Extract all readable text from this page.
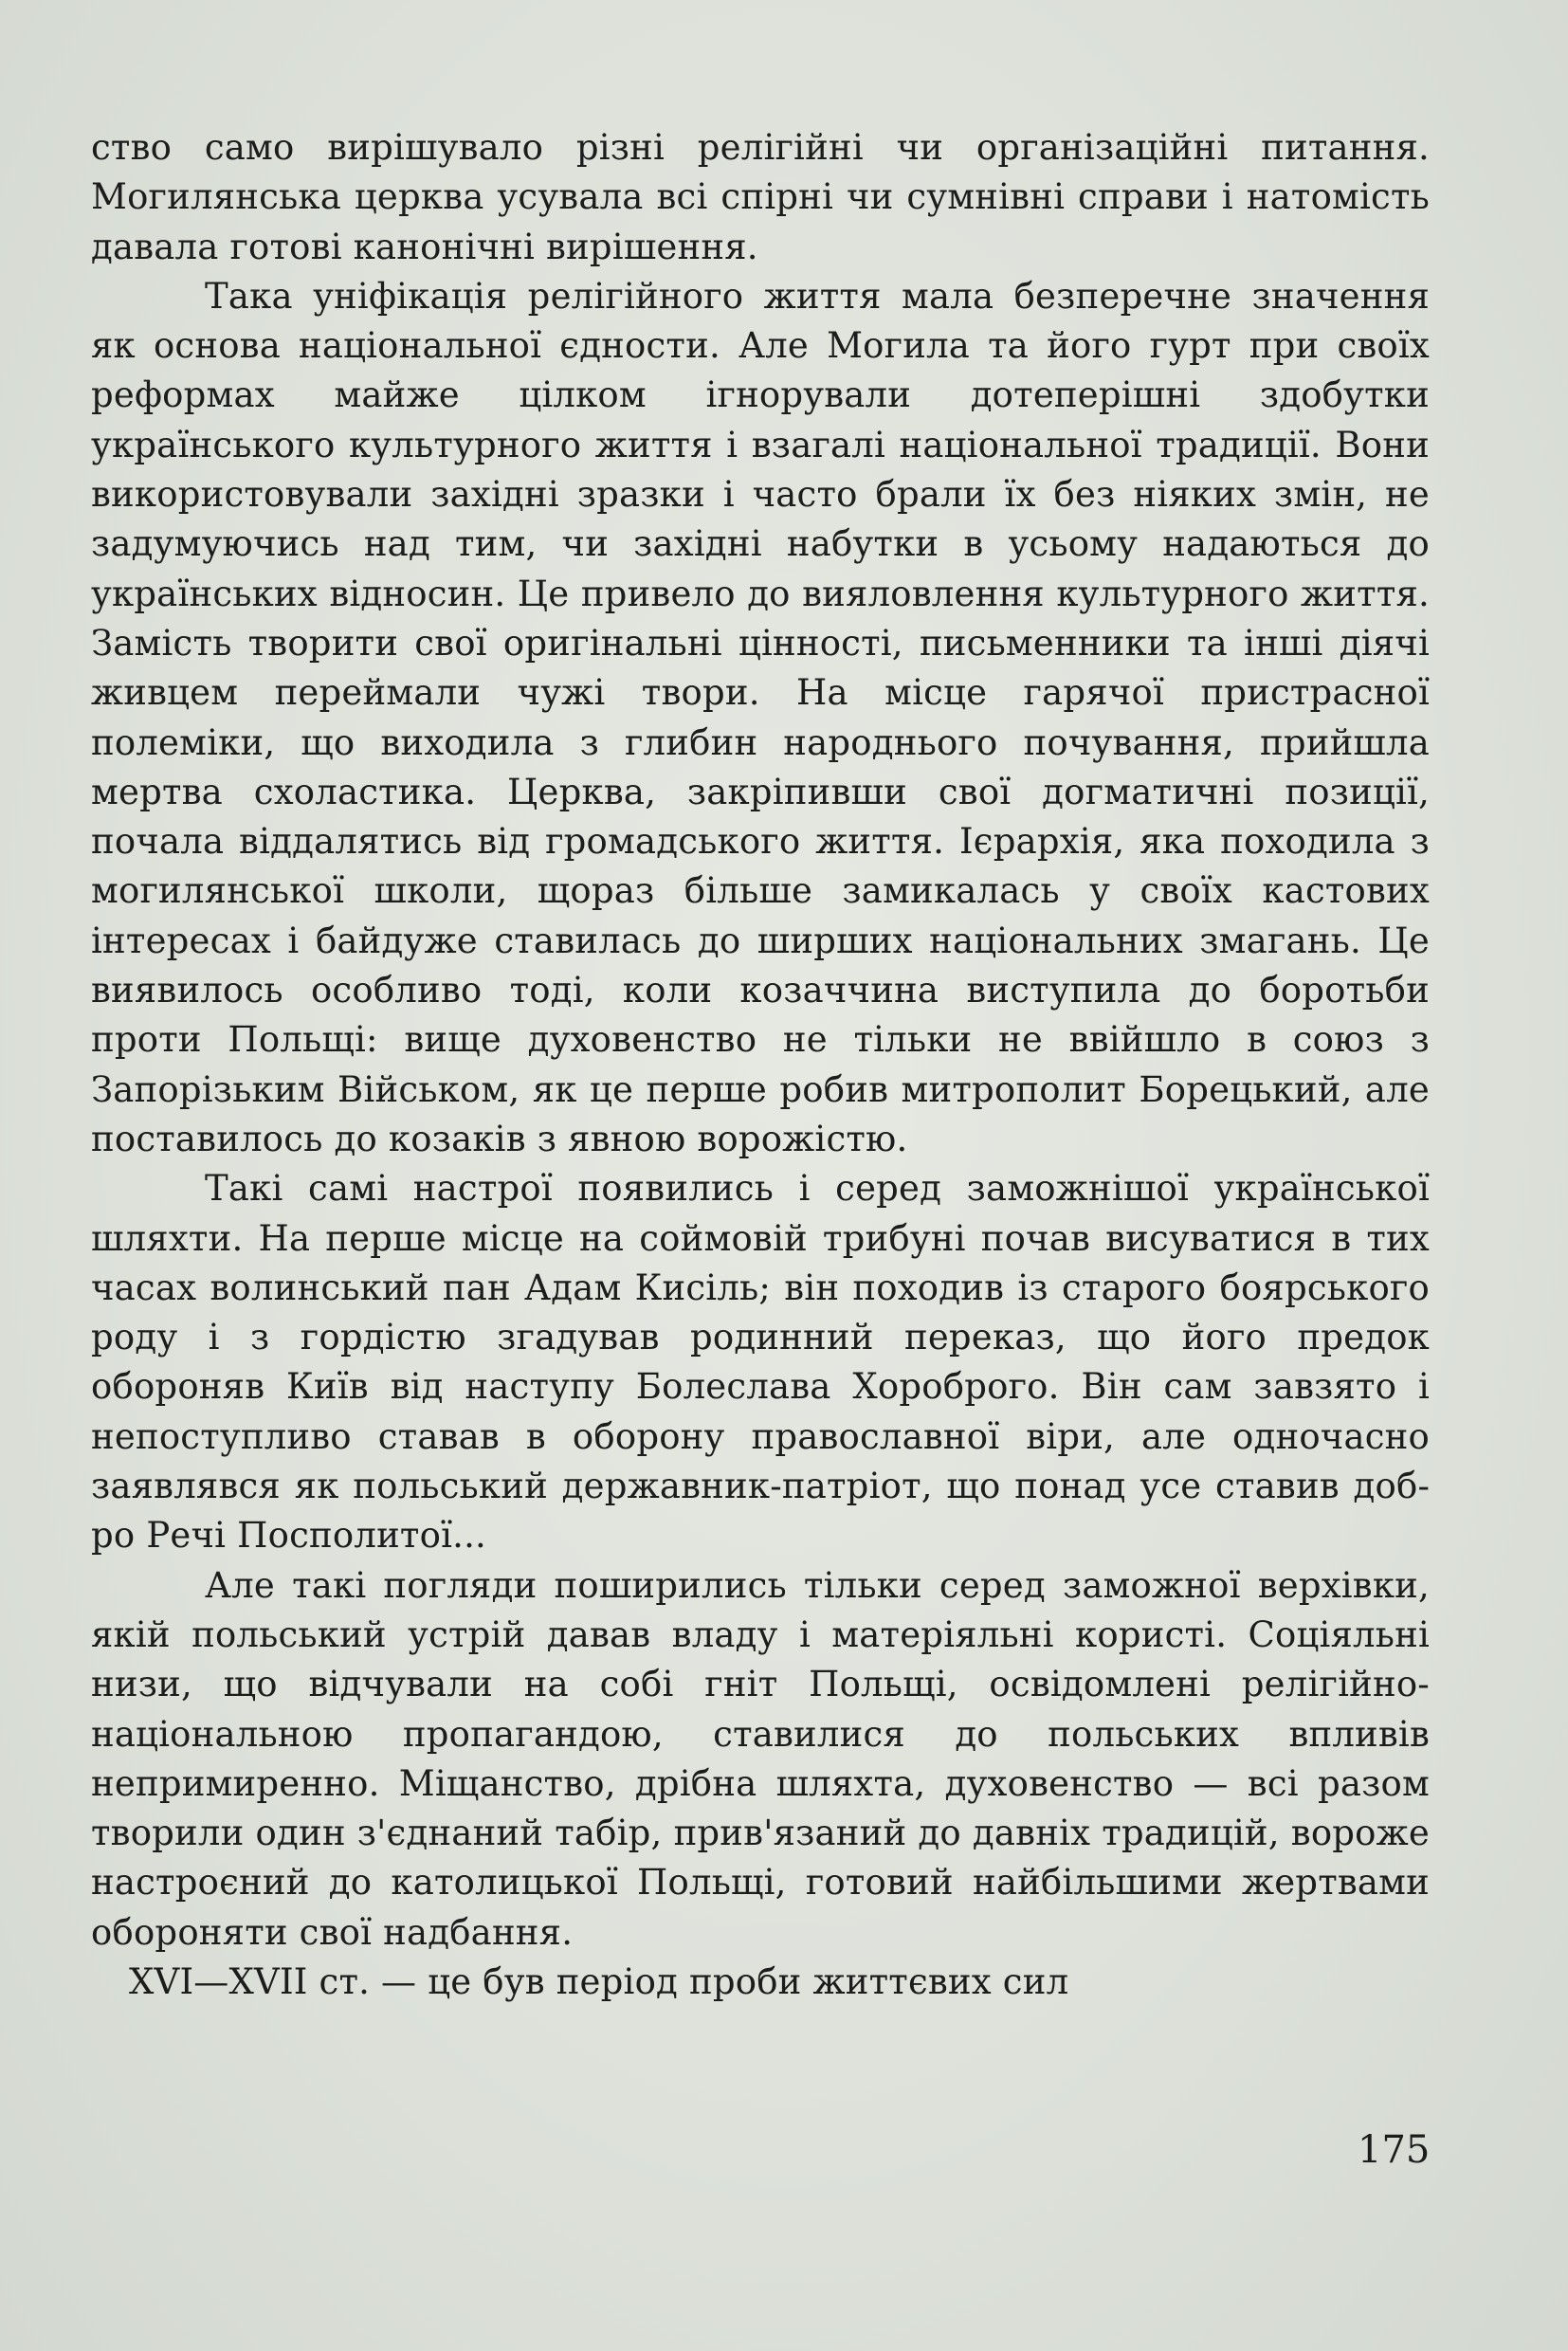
ство само вирішувало різні релігійні чи організаційні питання. Могилянська церква усувала всі спірні чи сумнівні справи і натомість давала готові канонічні вирішення.

Така уніфікація релігійного життя мала безперечне значення як основа національної єдности. Але Могила та його гурт при своїх реформах майже цілком ігнорували дотеперішні здобутки українського культурного життя і взагалі національної традиції. Вони використовували західні зразки і часто брали їх без ніяких змін, не задумуючись над тим, чи західні набутки в усьому надаються до українських відносин. Це привело до вияловлення культурного життя. Замість творити свої оригінальні цінності, письменники та інші діячі живцем переймали чужі твори. На місце гарячої пристрасної полеміки, що виходила з глибин народнього почування, прийшла мертва схоластика. Церква, закріпивши свої догматичні позиції, почала віддалятись від громадського життя. Ієрархія, яка походила з могилянської школи, щораз більше замикалась у своїх кастових інтересах і байдуже ставилась до ширших національних змагань. Це виявилось особливо тоді, коли козаччина виступила до боротьби проти Польщі: вище духовенство не тільки не ввійшло в союз з Запорізьким Військом, як це перше робив митрополит Борецький, але поставилось до козаків з явною ворожістю.

Такі самі настрої появились і серед заможнішої української шляхти. На перше місце на соймовій трибуні почав висуватися в тих часах волинський пан Адам Кисіль; він походив із старого боярського роду і з гордістю згадував родинний переказ, що його предок обороняв Київ від наступу Болеслава Хороброго. Він сам завзято і непоступливо ставав в оборону православної віри, але одночасно заявлявся як польський державник-патріот, що понад усе ставив добро Речі Посполитої...

Але такі погляди поширились тільки серед заможної верхівки, якій польський устрій давав владу і матеріяльні користі. Соціяльні низи, що відчували на собі гніт Польщі, освідомлені релігійно-національною пропагандою, ставилися до польських впливів непримиренно. Міщанство, дрібна шляхта, духовенство — всі разом творили один з'єднаний табір, прив'язаний до давніх традицій, вороже настроєний до католицької Польщі, готовий найбільшими жертвами обороняти свої надбання.

XVI—XVII ст. — це був період проби життєвих сил

175
